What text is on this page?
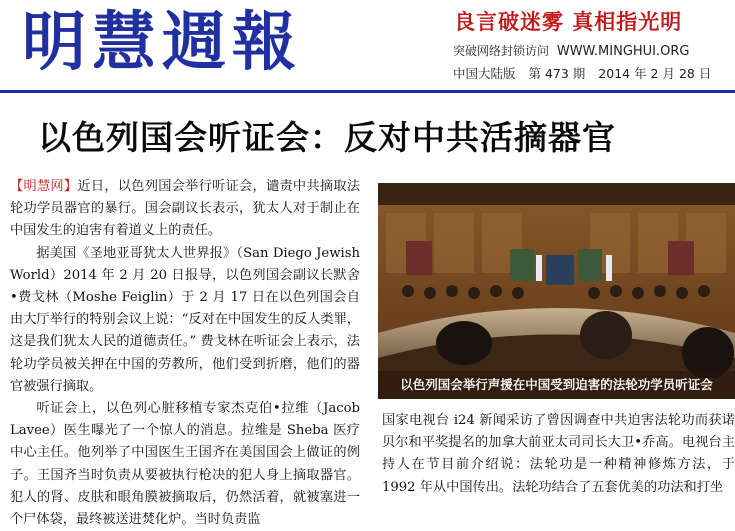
明慧週報	良言破迷雾 真相指光明
突破网络封锁访问 WWW.MINGHUI.ORG
中国大陆版 第 473 期 2014 年 2 月 28 日
以色列国会听证会：反对中共活摘器官

【明慧网】近日，以色列国会举行听证会，谴责中共摘取法轮功学员器官的暴行。国会副议长表示，犹太人对于制止在中国发生的迫害有着道义上的责任。

据美国《圣地亚哥犹太人世界报》（San Diego Jewish World）2014 年 2 月 20 日报导，以色列国会副议长默舍•费戈林（Moshe Feiglin）于 2 月 17 日在以色列国会自由大厅举行的特别会议上说：“反对在中国发生的反人类罪，这是我们犹太人民的道德责任。” 费戈林在听证会上表示，法轮功学员被关押在中国的劳教所，他们受到折磨，他们的器官被强行摘取。

听证会上，以色列心脏移植专家杰克伯•拉维（Jacob Lavee）医生曝光了一个惊人的消息。拉维是 Sheba 医疗中心主任。他列举了中国医生王国齐在美国国会上做证的例子。王国齐当时负责从要被执行枪决的犯人身上摘取器官。犯人的肾、皮肤和眼角膜被摘取后，仍然活着，就被塞进一个尸体袋，最终被送进焚化炉。当时负责监

以色列国会举行声援在中国受到迫害的法轮功学员听证会

国家电视台 i24 新闻采访了曾因调查中共迫害法轮功而获诺贝尔和平奖提名的加拿大前亚太司司长大卫•乔高。电视台主持人在节目前介绍说：法轮功是一种精神修炼方法，于 1992 年从中国传出。法轮功结合了五套优美的功法和打坐
